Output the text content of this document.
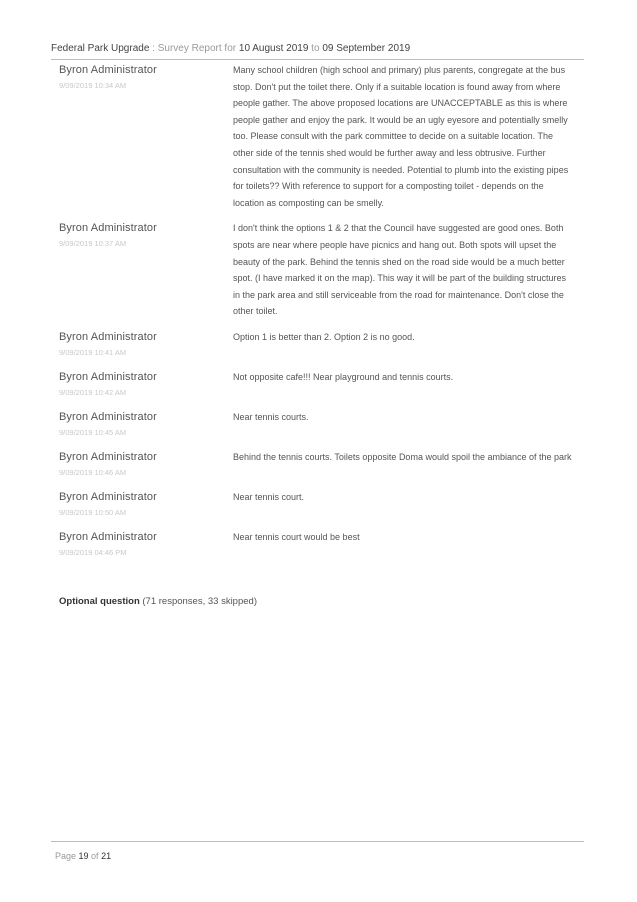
Federal Park Upgrade : Survey Report for 10 August 2019 to 09 September 2019
Byron Administrator
9/09/2019 10:34 AM
Many school children (high school and primary) plus parents, congregate at the bus stop. Don't put the toilet there. Only if a suitable location is found away from where people gather. The above proposed locations are UNACCEPTABLE as this is where people gather and enjoy the park. It would be an ugly eyesore and potentially smelly too. Please consult with the park committee to decide on a suitable location. The other side of the tennis shed would be further away and less obtrusive. Further consultation with the community is needed. Potential to plumb into the existing pipes for toilets?? With reference to support for a composting toilet - depends on the location as composting can be smelly.
Byron Administrator
9/09/2019 10:37 AM
I don't think the options 1 & 2 that the Council have suggested are good ones. Both spots are near where people have picnics and hang out. Both spots will upset the beauty of the park. Behind the tennis shed on the road side would be a much better spot. (I have marked it on the map). This way it will be part of the building structures in the park area and still serviceable from the road for maintenance. Don't close the other toilet.
Byron Administrator
9/09/2019 10:41 AM
Option 1 is better than 2. Option 2 is no good.
Byron Administrator
9/09/2019 10:42 AM
Not opposite cafe!!! Near playground and tennis courts.
Byron Administrator
9/09/2019 10:45 AM
Near tennis courts.
Byron Administrator
9/09/2019 10:46 AM
Behind the tennis courts. Toilets opposite Doma would spoil the ambiance of the park
Byron Administrator
9/09/2019 10:50 AM
Near tennis court.
Byron Administrator
9/09/2019 04:46 PM
Near tennis court would be best
Optional question (71 responses, 33 skipped)
Page 19 of 21
